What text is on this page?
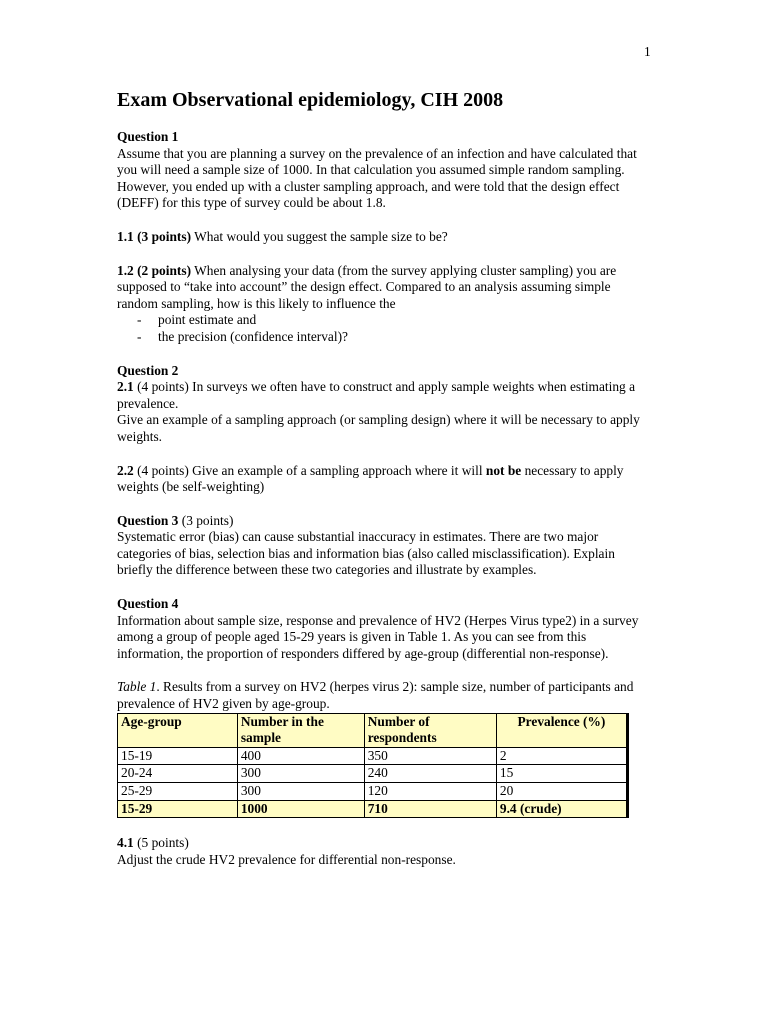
1
Exam Observational epidemiology, CIH 2008

Question 1

Assume that you are planning a survey on the prevalence of an infection and have calculated that you will need a sample size of 1000. In that calculation you assumed simple random sampling. However, you ended up with a cluster sampling approach, and were told that the design effect (DEFF) for this type of survey could be about 1.8.

1.1 (3 points) What would you suggest the sample size to be?

1.2 (2 points) When analysing your data (from the survey applying cluster sampling) you are supposed to “take into account” the design effect. Compared to an analysis assuming simple random sampling, how is this likely to influence the

- point estimate and
- the precision (confidence interval)?

Question 2

2.1 (4 points) In surveys we often have to construct and apply sample weights when estimating a prevalence.

Give an example of a sampling approach (or sampling design) where it will be necessary to apply weights.

2.2 (4 points) Give an example of a sampling approach where it will not be necessary to apply weights (be self-weighting)

Question 3 (3 points)

Systematic error (bias) can cause substantial inaccuracy in estimates. There are two major categories of bias, selection bias and information bias (also called misclassification). Explain briefly the difference between these two categories and illustrate by examples.

Question 4

Information about sample size, response and prevalence of HV2 (Herpes Virus type2) in a survey among a group of people aged 15-29 years is given in Table 1. As you can see from this information, the proportion of responders differed by age-group (differential non-response).

Table 1. Results from a survey on HV2 (herpes virus 2): sample size, number of participants and prevalence of HV2 given by age-group.

Age-group	Number in the sample	Number of respondents	Prevalence (%)
15-19	400	350	2
20-24	300	240	15
25-29	300	120	20
15-29	1000	710	9.4 (crude)

4.1 (5 points)

Adjust the crude HV2 prevalence for differential non-response.
